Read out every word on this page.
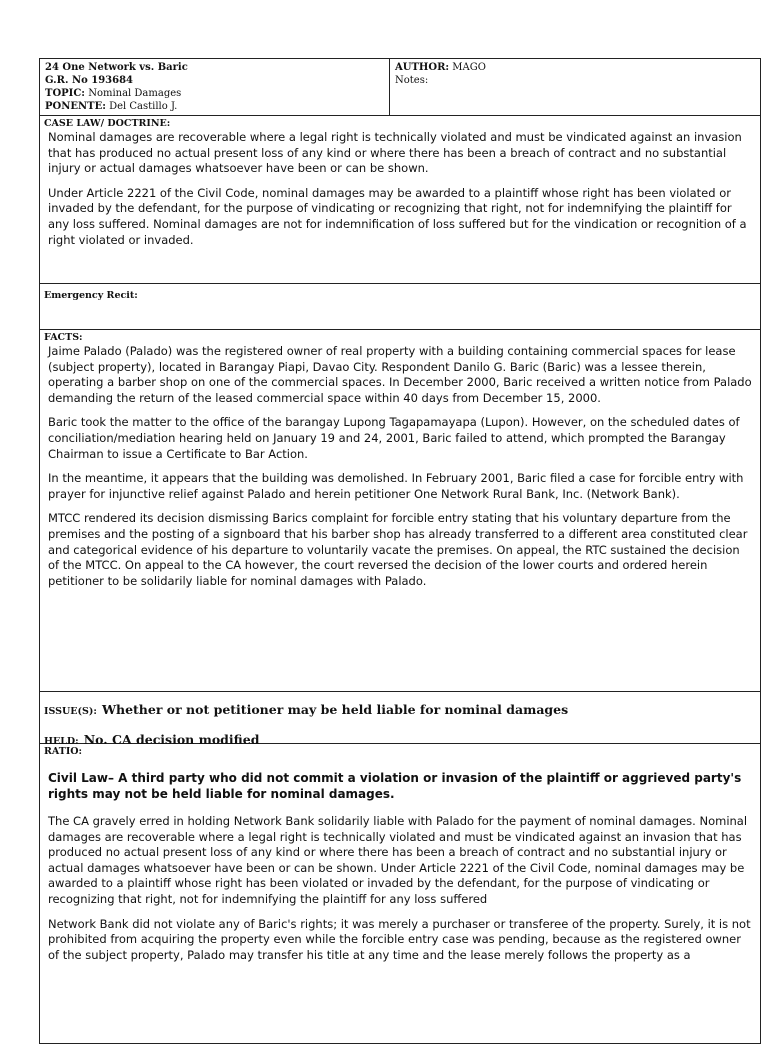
24 One Network vs. Baric
G.R. No 193684
TOPIC: Nominal Damages
PONENTE: Del Castillo J.
AUTHOR: MAGO
Notes:
CASE LAW/ DOCTRINE:

Nominal damages are recoverable where a legal right is technically violated and must be vindicated against an invasion that has produced no actual present loss of any kind or where there has been a breach of contract and no substantial injury or actual damages whatsoever have been or can be shown.

Under Article 2221 of the Civil Code, nominal damages may be awarded to a plaintiff whose right has been violated or invaded by the defendant, for the purpose of vindicating or recognizing that right, not for indemnifying the plaintiff for any loss suffered. Nominal damages are not for indemnification of loss suffered but for the vindication or recognition of a right violated or invaded.

Emergency Recit:
FACTS:

Jaime Palado (Palado) was the registered owner of real property with a building containing commercial spaces for lease (subject property), located in Barangay Piapi, Davao City. Respondent Danilo G. Baric (Baric) was a lessee therein, operating a barber shop on one of the commercial spaces. In December 2000, Baric received a written notice from Palado demanding the return of the leased commercial space within 40 days from December 15, 2000.

Baric took the matter to the office of the barangay Lupong Tagapamayapa (Lupon). However, on the scheduled dates of conciliation/mediation hearing held on January 19 and 24, 2001, Baric failed to attend, which prompted the Barangay Chairman to issue a Certificate to Bar Action.

In the meantime, it appears that the building was demolished. In February 2001, Baric filed a case for forcible entry with prayer for injunctive relief against Palado and herein petitioner One Network Rural Bank, Inc. (Network Bank).

MTCC rendered its decision dismissing Barics complaint for forcible entry stating that his voluntary departure from the premises and the posting of a signboard that his barber shop has already transferred to a different area constituted clear and categorical evidence of his departure to voluntarily vacate the premises. On appeal, the RTC sustained the decision of the MTCC. On appeal to the CA however, the court reversed the decision of the lower courts and ordered herein petitioner to be solidarily liable for nominal damages with Palado.

ISSUE(S): Whether or not petitioner may be held liable for nominal damages
HELD: No. CA decision modified
RATIO:
Civil Law– A third party who did not commit a violation or invasion of the plaintiff or aggrieved party's rights may not be held liable for nominal damages.

The CA gravely erred in holding Network Bank solidarily liable with Palado for the payment of nominal damages. Nominal damages are recoverable where a legal right is technically violated and must be vindicated against an invasion that has produced no actual present loss of any kind or where there has been a breach of contract and no substantial injury or actual damages whatsoever have been or can be shown. Under Article 2221 of the Civil Code, nominal damages may be awarded to a plaintiff whose right has been violated or invaded by the defendant, for the purpose of vindicating or recognizing that right, not for indemnifying the plaintiff for any loss suffered

Network Bank did not violate any of Baric's rights; it was merely a purchaser or transferee of the property. Surely, it is not prohibited from acquiring the property even while the forcible entry case was pending, because as the registered owner of the subject property, Palado may transfer his title at any time and the lease merely follows the property as a
